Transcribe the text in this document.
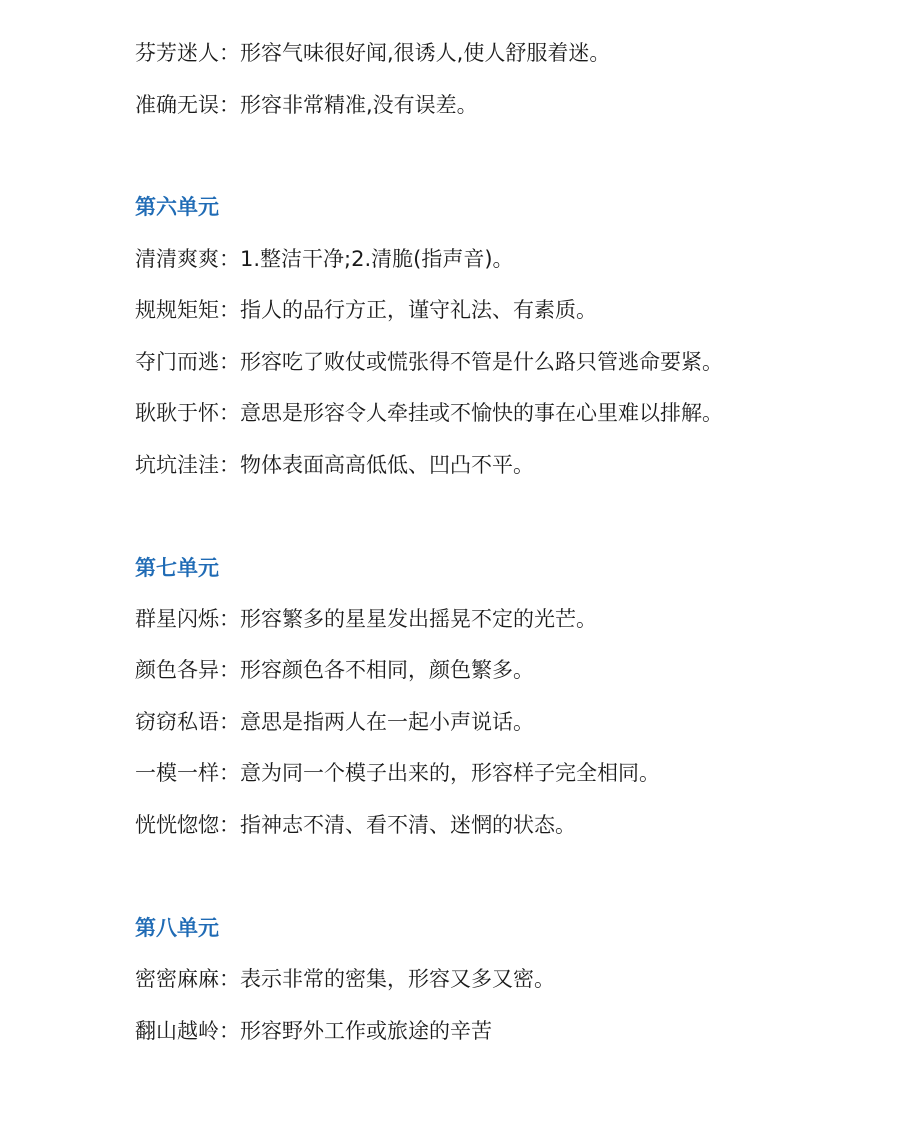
芬芳迷人：形容气味很好闻,很诱人,使人舒服着迷。
准确无误：形容非常精准,没有误差。
第六单元
清清爽爽：1.整洁干净;2.清脆(指声音)。
规规矩矩：指人的品行方正，谨守礼法、有素质。
夺门而逃：形容吃了败仗或慌张得不管是什么路只管逃命要紧。
耿耿于怀：意思是形容令人牵挂或不愉快的事在心里难以排解。
坑坑洼洼：物体表面高高低低、凹凸不平。
第七单元
群星闪烁：形容繁多的星星发出摇晃不定的光芒。
颜色各异：形容颜色各不相同，颜色繁多。
窃窃私语：意思是指两人在一起小声说话。
一模一样：意为同一个模子出来的，形容样子完全相同。
恍恍惚惚：指神志不清、看不清、迷惘的状态。
第八单元
密密麻麻：表示非常的密集，形容又多又密。
翻山越岭：形容野外工作或旅途的辛苦
